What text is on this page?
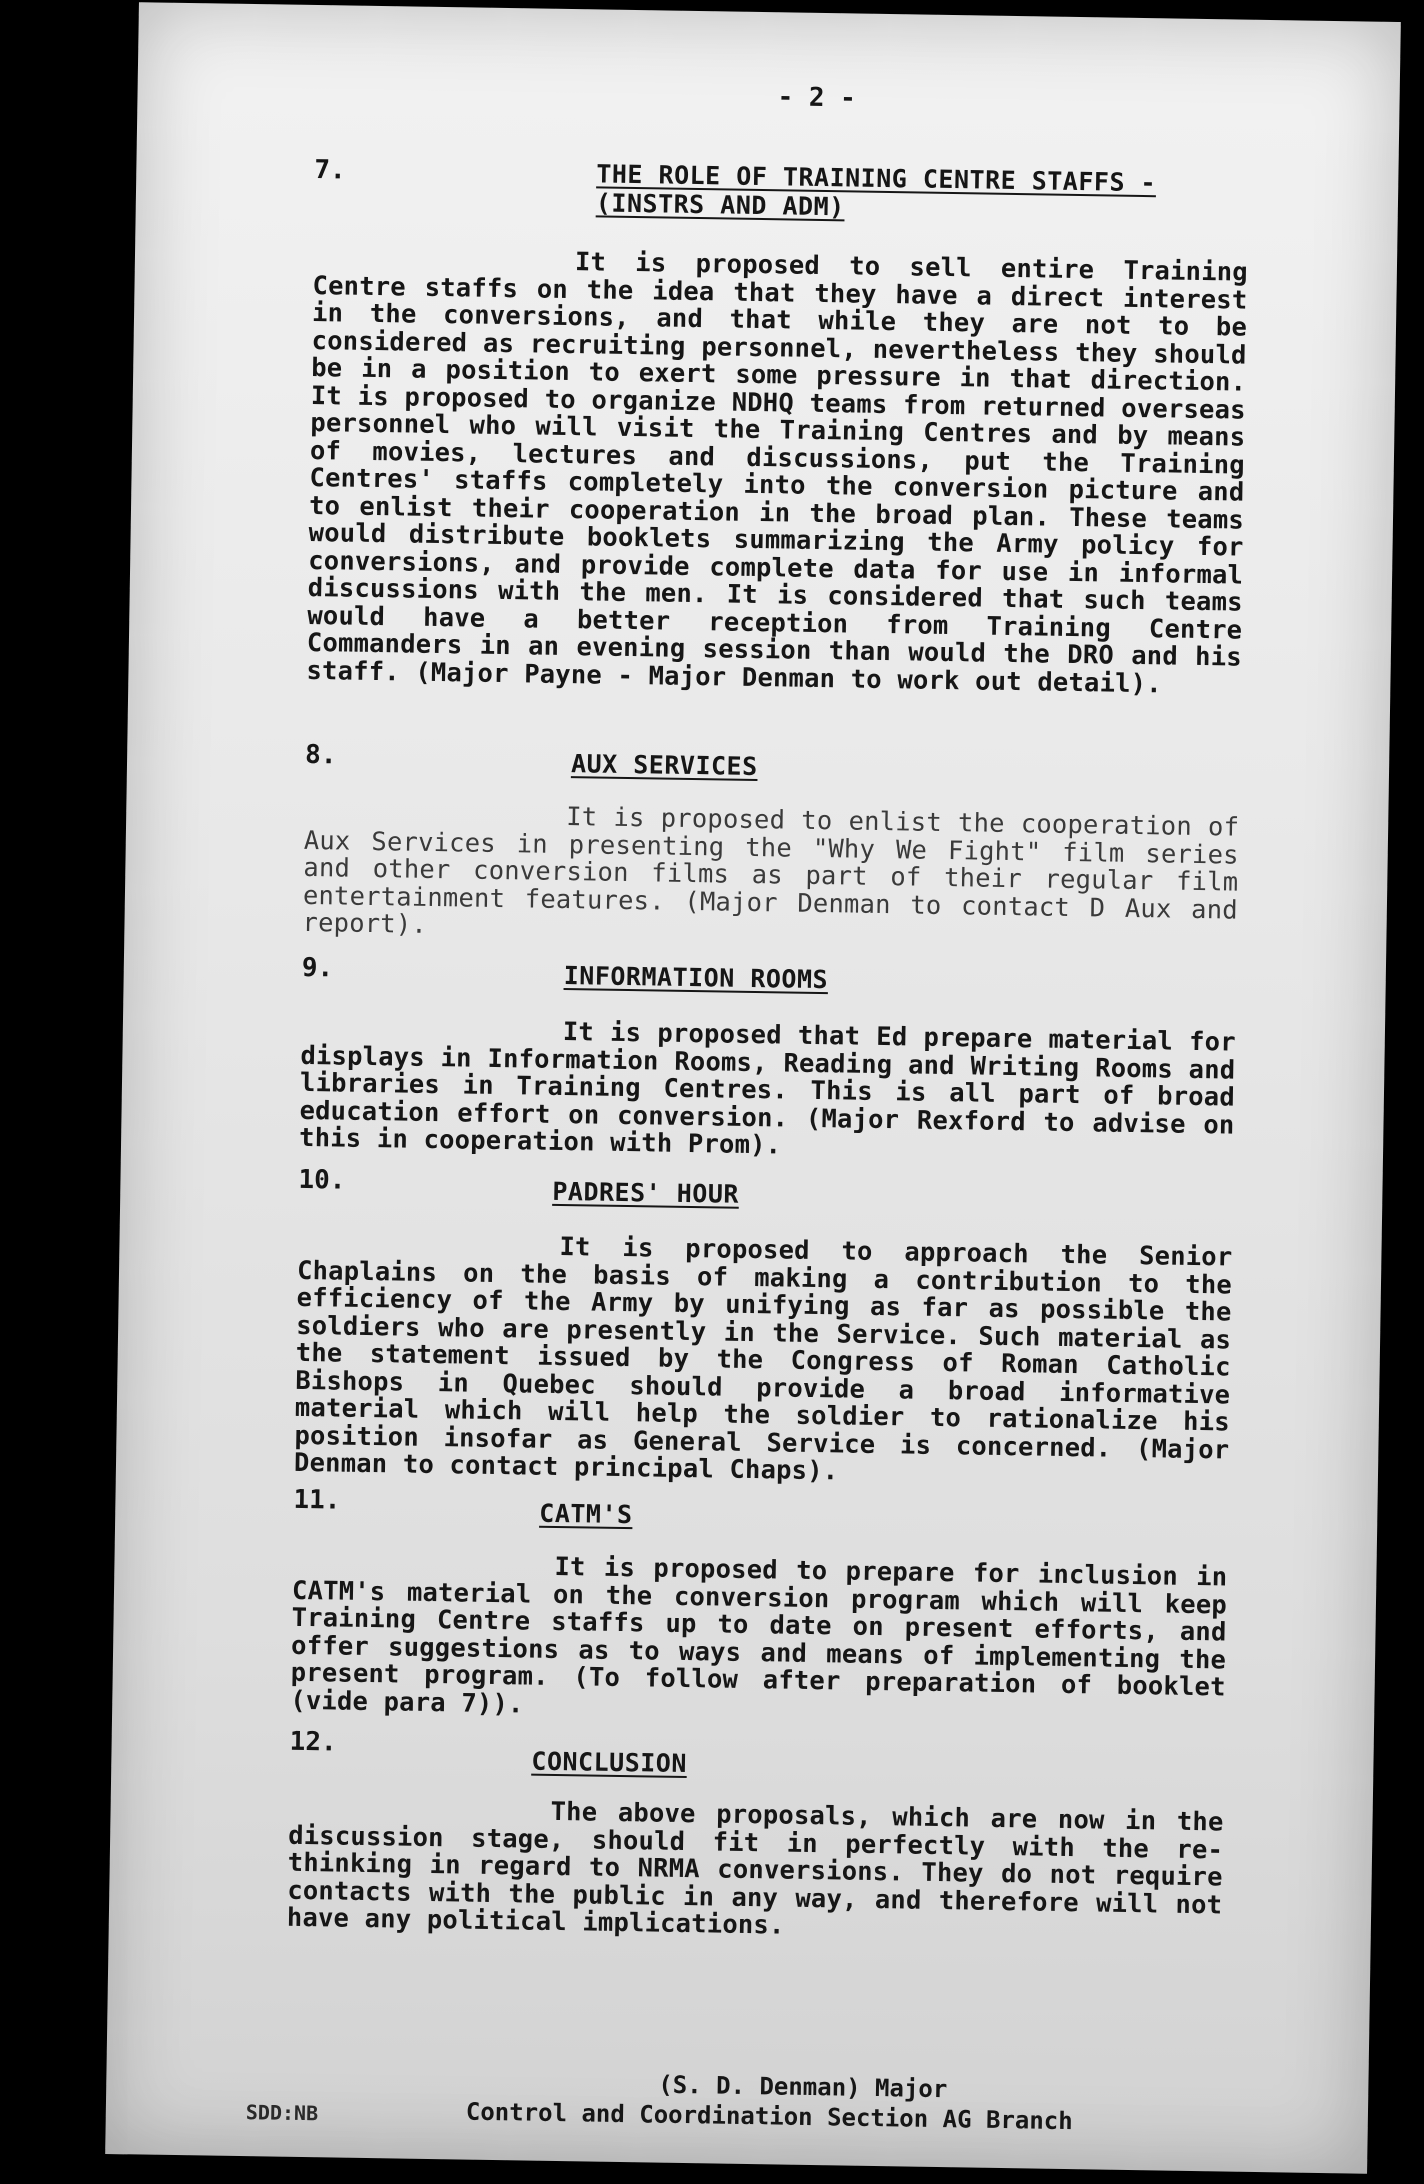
- 2 -
7.	THE ROLE OF TRAINING CENTRE STAFFS -
(INSTRS AND ADM)
It is proposed to sell entire Training Centre staffs on the idea that they have a direct interest in the conversions, and that while they are not to be considered as recruiting personnel, nevertheless they should be in a position to exert some pressure in that direction. It is proposed to organize NDHQ teams from returned overseas personnel who will visit the Training Centres and by means of movies, lectures and discussions, put the Training Centres' staffs completely into the conversion picture and to enlist their cooperation in the broad plan. These teams would distribute booklets summarizing the Army policy for conversions, and provide complete data for use in informal discussions with the men. It is considered that such teams would have a better reception from Training Centre Commanders in an evening session than would the DRO and his staff. (Major Payne - Major Denman to work out detail).
8.	AUX SERVICES
It is proposed to enlist the cooperation of Aux Services in presenting the "Why We Fight" film series and other conversion films as part of their regular film entertainment features. (Major Denman to contact D Aux and report).
9.	INFORMATION ROOMS
It is proposed that Ed prepare material for displays in Information Rooms, Reading and Writing Rooms and libraries in Training Centres. This is all part of broad education effort on conversion. (Major Rexford to advise on this in cooperation with Prom).
10.	PADRES' HOUR
It is proposed to approach the Senior Chaplains on the basis of making a contribution to the efficiency of the Army by unifying as far as possible the soldiers who are presently in the Service. Such material as the statement issued by the Congress of Roman Catholic Bishops in Quebec should provide a broad informative material which will help the soldier to rationalize his position insofar as General Service is concerned. (Major Denman to contact principal Chaps).
11.	CATM'S
It is proposed to prepare for inclusion in CATM's material on the conversion program which will keep Training Centre staffs up to date on present efforts, and offer suggestions as to ways and means of implementing the present program. (To follow after preparation of booklet (vide para 7)).
12.
CONCLUSION
The above proposals, which are now in the discussion stage, should fit in perfectly with the re-thinking in regard to NRMA conversions. They do not require contacts with the public in any way, and therefore will not have any political implications.
(S. D. Denman) Major
Control and Coordination Section AG Branch
SDD:NB
